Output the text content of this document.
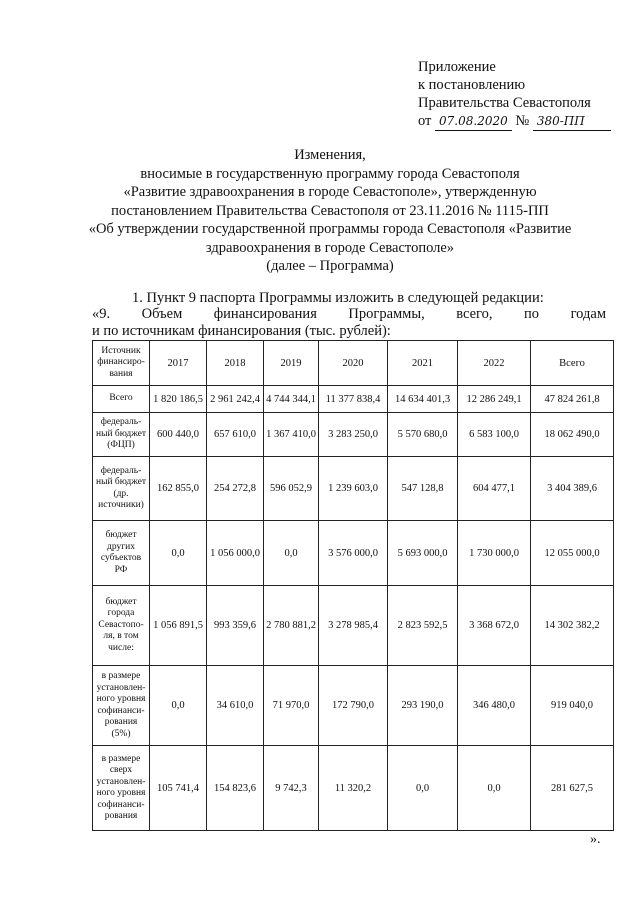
Приложение
к постановлению
Правительства Севастополя
от 07.08.2020 № 380-ПП
Изменения,
вносимые в государственную программу города Севастополя
«Развитие здравоохранения в городе Севастополе», утвержденную
постановлением Правительства Севастополя от 23.11.2016 № 1115-ПП
«Об утверждении государственной программы города Севастополя «Развитие
здравоохранения в городе Севастополе»
(далее – Программа)
1. Пункт 9 паспорта Программы изложить в следующей редакции:
«9. Объем финансирования Программы, всего, по годам
и по источникам финансирования (тыс. рублей):
Источник финансиро-вания	2017	2018	2019	2020	2021	2022	Всего
Всего	1 820 186,5	2 961 242,4	4 744 344,1	11 377 838,4	14 634 401,3	12 286 249,1	47 824 261,8
федераль-ный бюджет (ФЦП)	600 440,0	657 610,0	1 367 410,0	3 283 250,0	5 570 680,0	6 583 100,0	18 062 490,0
федераль-ный бюджет (др. источники)	162 855,0	254 272,8	596 052,9	1 239 603,0	547 128,8	604 477,1	3 404 389,6
бюджет других субъектов РФ	0,0	1 056 000,0	0,0	3 576 000,0	5 693 000,0	1 730 000,0	12 055 000,0
бюджет города Севастопо-ля, в том числе:	1 056 891,5	993 359,6	2 780 881,2	3 278 985,4	2 823 592,5	3 368 672,0	14 302 382,2
в размере установлен-ного уровня софинанси-рования (5%)	0,0	34 610,0	71 970,0	172 790,0	293 190,0	346 480,0	919 040,0
в размере сверх установлен-ного уровня софинанси-рования	105 741,4	154 823,6	9 742,3	11 320,2	0,0	0,0	281 627,5
».
